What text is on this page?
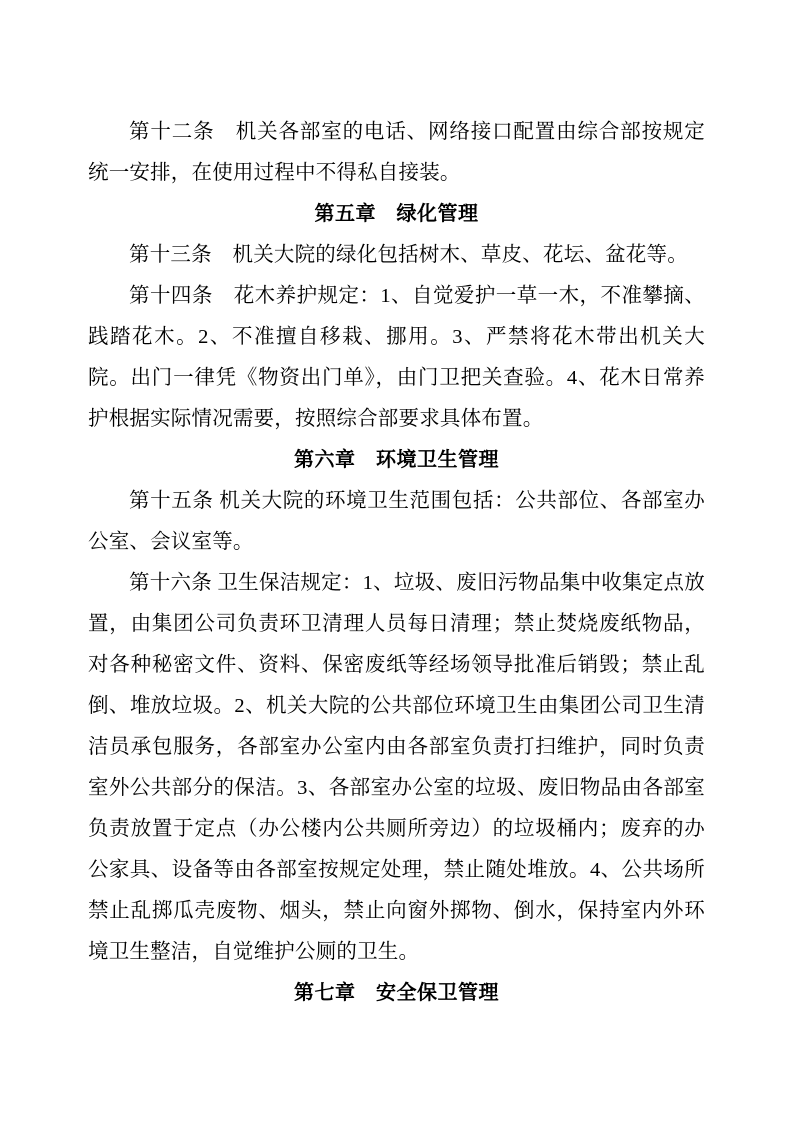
第十二条　机关各部室的电话、网络接口配置由综合部按规定统一安排，在使用过程中不得私自接装。

第五章　绿化管理

第十三条　机关大院的绿化包括树木、草皮、花坛、盆花等。

第十四条　花木养护规定：1、自觉爱护一草一木，不准攀摘、践踏花木。2、不准擅自移栽、挪用。3、严禁将花木带出机关大院。出门一律凭《物资出门单》，由门卫把关查验。4、花木日常养护根据实际情况需要，按照综合部要求具体布置。

第六章　环境卫生管理

第十五条 机关大院的环境卫生范围包括：公共部位、各部室办公室、会议室等。

第十六条 卫生保洁规定：1、垃圾、废旧污物品集中收集定点放置，由集团公司负责环卫清理人员每日清理；禁止焚烧废纸物品，对各种秘密文件、资料、保密废纸等经场领导批准后销毁；禁止乱倒、堆放垃圾。2、机关大院的公共部位环境卫生由集团公司卫生清洁员承包服务，各部室办公室内由各部室负责打扫维护，同时负责室外公共部分的保洁。3、各部室办公室的垃圾、废旧物品由各部室负责放置于定点（办公楼内公共厕所旁边）的垃圾桶内；废弃的办公家具、设备等由各部室按规定处理，禁止随处堆放。4、公共场所禁止乱掷瓜壳废物、烟头，禁止向窗外掷物、倒水，保持室内外环境卫生整洁，自觉维护公厕的卫生。

第七章　安全保卫管理
